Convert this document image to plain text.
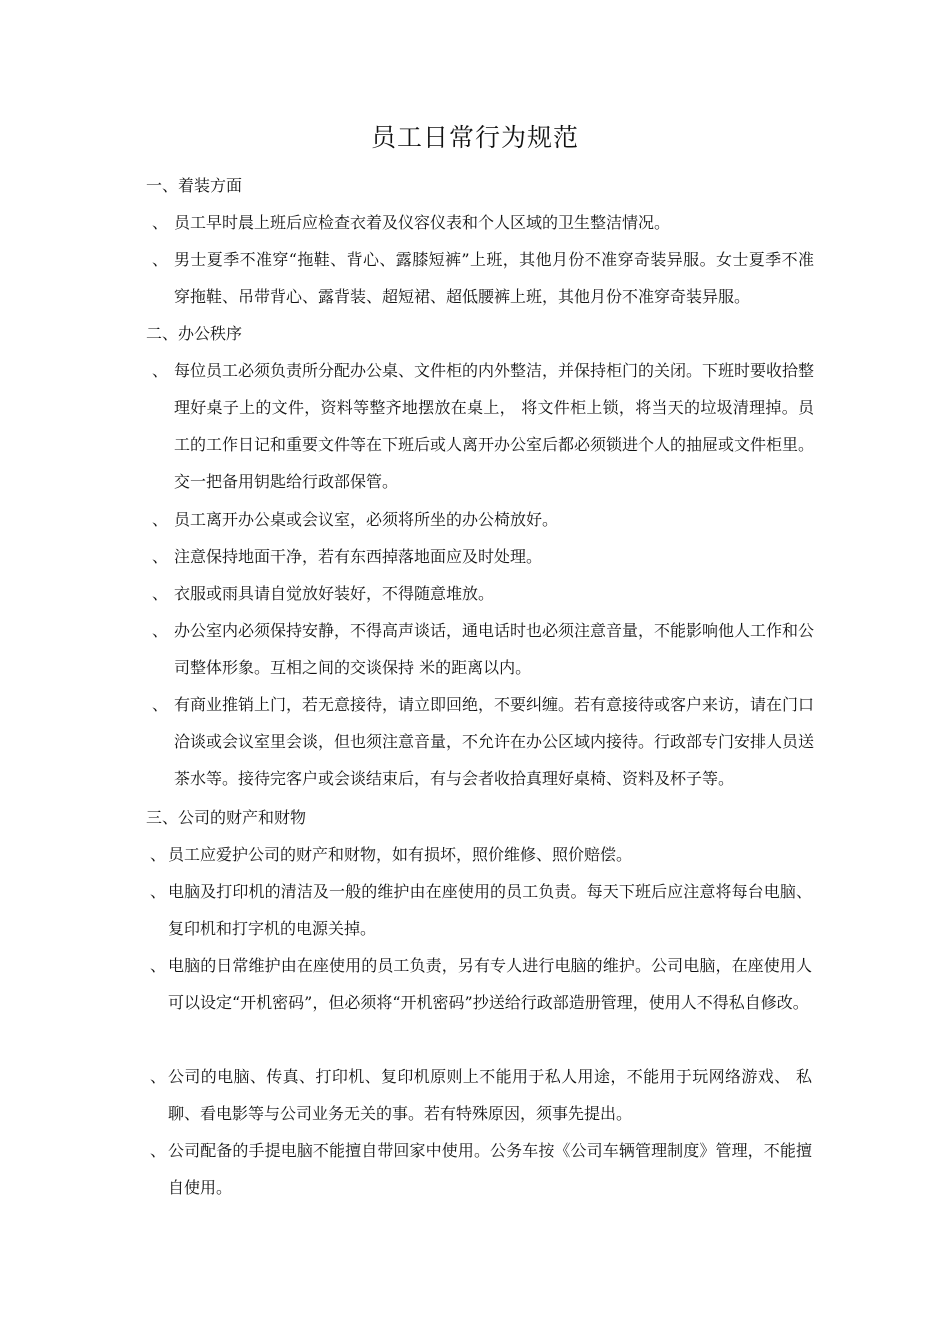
员工日常行为规范
一、着装方面
、 员工早时晨上班后应检查衣着及仪容仪表和个人区域的卫生整洁情况。
、 男士夏季不准穿“拖鞋、背心、露膝短裤”上班，其他月份不准穿奇装异服。女士夏季不准穿拖鞋、吊带背心、露背装、超短裙、超低腰裤上班，其他月份不准穿奇装异服。
二、办公秩序
、 每位员工必须负责所分配办公桌、文件柜的内外整洁，并保持柜门的关闭。下班时要收拾整理好桌子上的文件，资料等整齐地摆放在桌上， 将文件柜上锁，将当天的垃圾清理掉。员工的工作日记和重要文件等在下班后或人离开办公室后都必须锁进个人的抽屉或文件柜里。交一把备用钥匙给行政部保管。
、 员工离开办公桌或会议室，必须将所坐的办公椅放好。
、 注意保持地面干净，若有东西掉落地面应及时处理。
、 衣服或雨具请自觉放好装好，不得随意堆放。
、 办公室内必须保持安静，不得高声谈话，通电话时也必须注意音量，不能影响他人工作和公司整体形象。互相之间的交谈保持 米的距离以内。
、 有商业推销上门，若无意接待，请立即回绝，不要纠缠。若有意接待或客户来访，请在门口洽谈或会议室里会谈，但也须注意音量，不允许在办公区域内接待。行政部专门安排人员送茶水等。接待完客户或会谈结束后，有与会者收拾真理好桌椅、资料及杯子等。
三、公司的财产和财物
、 员工应爱护公司的财产和财物，如有损坏，照价维修、照价赔偿。
、 电脑及打印机的清洁及一般的维护由在座使用的员工负责。每天下班后应注意将每台电脑、复印机和打字机的电源关掉。
、 电脑的日常维护由在座使用的员工负责，另有专人进行电脑的维护。公司电脑，在座使用人可以设定“开机密码”，但必须将“开机密码”抄送给行政部造册管理，使用人不得私自修改。
、 公司的电脑、传真、打印机、复印机原则上不能用于私人用途，不能用于玩网络游戏、 私聊、看电影等与公司业务无关的事。若有特殊原因，须事先提出。
、 公司配备的手提电脑不能擅自带回家中使用。公务车按《公司车辆管理制度》管理，不能擅自使用。
